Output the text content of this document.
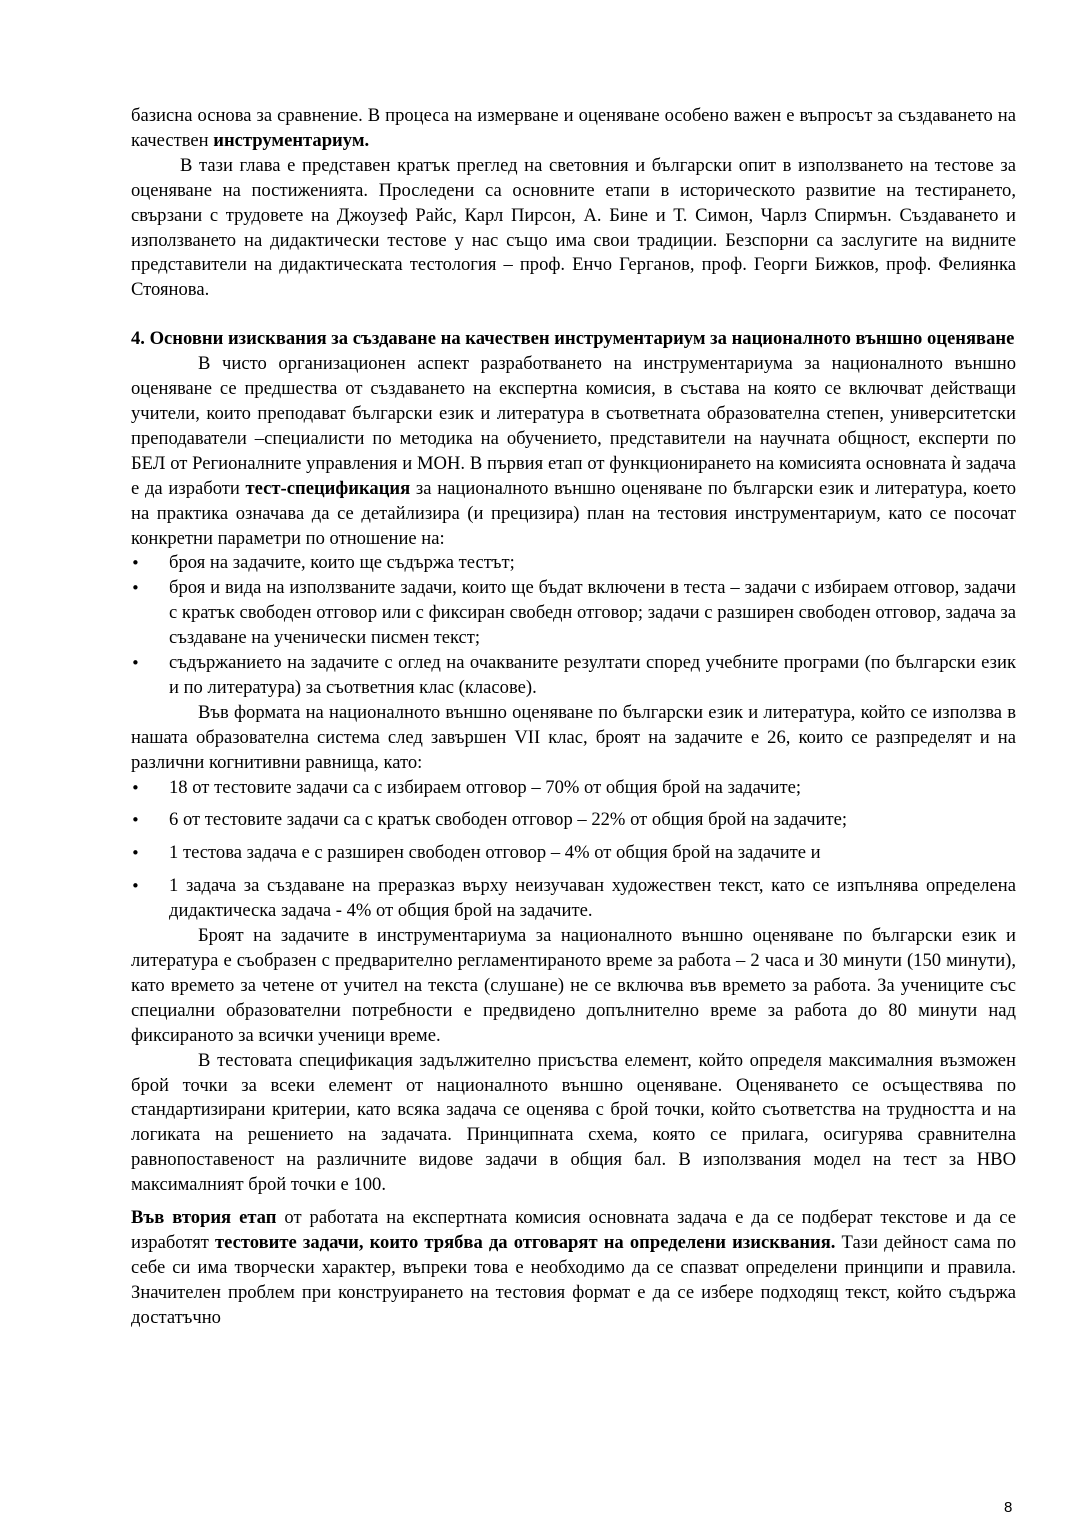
базисна основа за сравнение. В процеса на измерване и оценяване особено важен е въпросът за създаването на качествен инструментариум.

В тази глава е представен кратък преглед на световния и български опит в използването на тестове за оценяване на постиженията. Проследени са основните етапи в историческото развитие на тестирането, свързани с трудовете на Джоузеф Райс, Карл Пирсон, А. Бине и Т. Симон, Чарлз Спирмън. Създаването и използването на дидактически тестове у нас също има свои традиции. Безспорни са заслугите на видните представители на дидактическата тестология – проф. Енчо Герганов, проф. Георги Бижков, проф. Фелиянка Стоянова.

4. Основни изисквания за създаване на качествен инструментариум за националното външно оценяване

В чисто организационен аспект разработването на инструментариума за националното външно оценяване се предшества от създаването на експертна комисия, в състава на която се включват действащи учители, които преподават български език и литература в съответната образователна степен, университетски преподаватели –специалисти по методика на обучението, представители на научната общност, експерти по БЕЛ от Регионалните управления и МОН. В първия етап от функционирането на комисията основната ѝ задача е да изработи тест-спецификация за националното външно оценяване по български език и литература, което на практика означава да се детайлизира (и прецизира) план на тестовия инструментариум, като се посочат конкретни параметри по отношение на:

• броя на задачите, които ще съдържа тестът;
• броя и вида на използваните задачи, които ще бъдат включени в теста – задачи с избираем отговор, задачи с кратък свободен отговор или с фиксиран свобедн отговор; задачи с разширен свободен отговор, задача за създаване на ученически писмен текст;
• съдържанието на задачите с оглед на очакваните резултати според учебните програми (по български език и по литература) за съответния клас (класове).

Във формата на националното външно оценяване по български език и литература, който се използва в нашата образователна система след завършен VII клас, броят на задачите е 26, които се разпределят и на различни когнитивни равнища, като:

• 18 от тестовите задачи са с избираем отговор – 70% от общия брой на задачите;
• 6 от тестовите задачи са с кратък свободен отговор – 22% от общия брой на задачите;
• 1 тестова задача е с разширен свободен отговор – 4% от общия брой на задачите и
• 1 задача за създаване на преразказ върху неизучаван художествен текст, като се изпълнява определена дидактическа задача - 4% от общия брой на задачите.

Броят на задачите в инструментариума за националното външно оценяване по български език и литература е съобразен с предварително регламентираното време за работа – 2 часа и 30 минути (150 минути), като времето за четене от учител на текста (слушане) не се включва във времето за работа. За учениците със специални образователни потребности е предвидено допълнително време за работа до 80 минути над фиксираното за всички ученици време.

В тестовата спецификация задължително присъства елемент, който определя максималния възможен брой точки за всеки елемент от националното външно оценяване. Оценяването се осъществява по стандартизирани критерии, като всяка задача се оценява с брой точки, който съответства на трудността и на логиката на решението на задачата. Принципната схема, която се прилага, осигурява сравнителна равнопоставеност на различните видове задачи в общия бал. В използвания модел на тест за НВО максималният брой точки е 100.

Във втория етап от работата на експертната комисия основната задача е да се подберат текстове и да се изработят тестовите задачи, които трябва да отговарят на определени изисквания. Тази дейност сама по себе си има творчески характер, въпреки това е необходимо да се спазват определени принципи и правила. Значителен проблем при конструирането на тестовия формат е да се избере подходящ текст, който съдържа достатъчно

8
